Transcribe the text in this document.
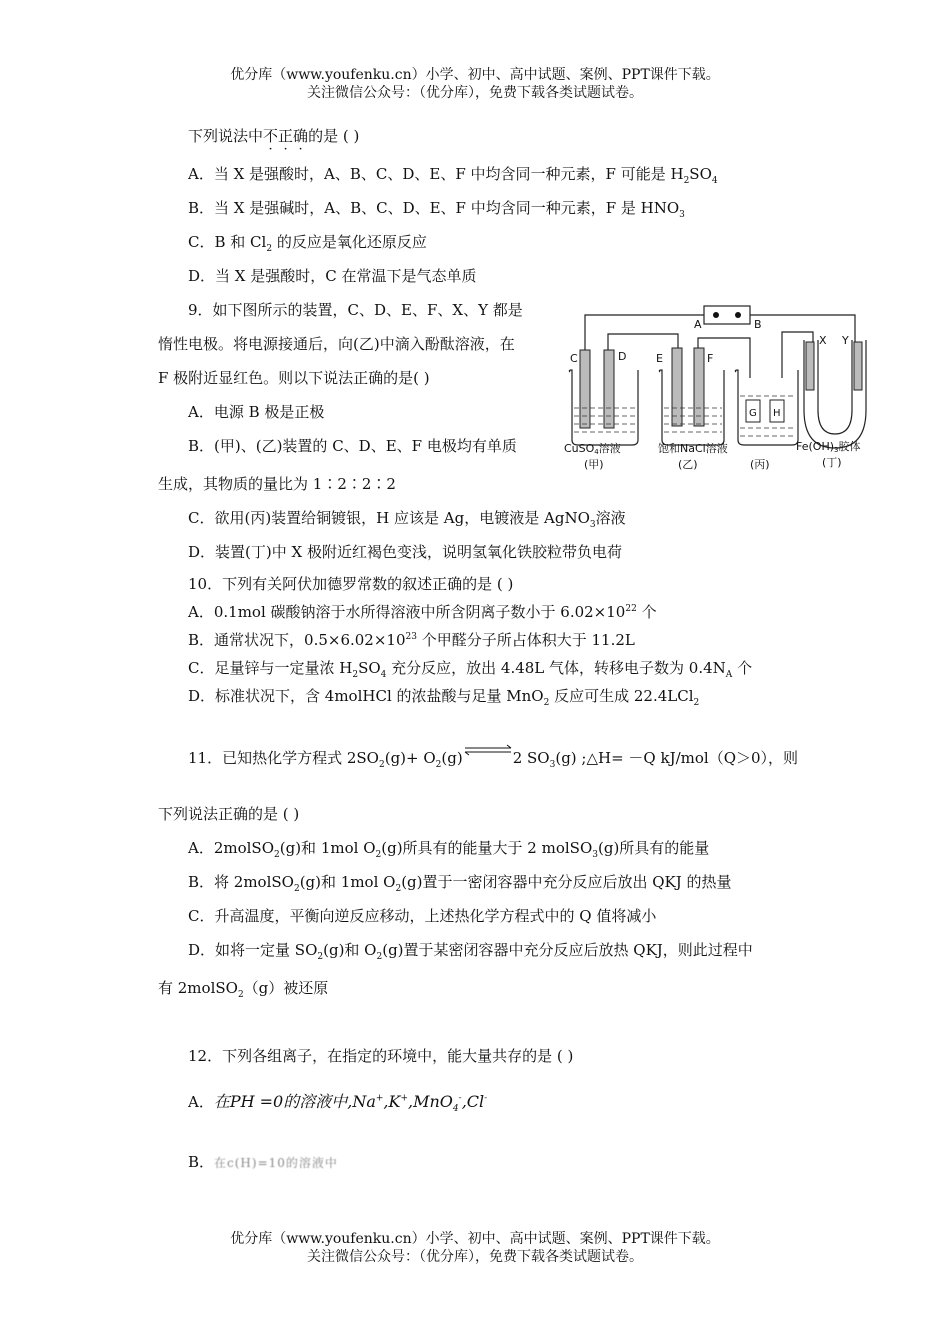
优分库（www.youfenku.cn）小学、初中、高中试题、案例、PPT课件下载。
关注微信公众号：（优分库），免费下载各类试题试卷。
下列说法中不正确的是 ( )
A．当 X 是强酸时，A、B、C、D、E、F 中均含同一种元素，F 可能是 $H_2SO_4$
B．当 X 是强碱时，A、B、C、D、E、F 中均含同一种元素，F 是 $HNO_3$
C．B 和 $Cl_2$ 的反应是氧化还原反应
D．当 X 是强酸时，C 在常温下是气态单质
9．如下图所示的装置，C、D、E、F、X、Y 都是
惰性电极。将电源接通后，向(乙)中滴入酚酞溶液，在
F 极附近显红色。则以下说法正确的是( )
A．电源 B 极是正极
B．(甲)、(乙)装置的 C、D、E、F 电极均有单质
生成，其物质的量比为 1∶2∶2∶2
C．欲用(丙)装置给铜镀银，H 应该是 Ag，电镀液是 AgNO$_3$溶液
D．装置(丁)中 X 极附近红褐色变浅，说明氢氧化铁胶粒带负电荷
A	B
C	D	E	F
X Y
G H
CuSO4溶液
(甲)
饱和NaCl溶液
(乙)	(丙)
Fe(OH)3胶体
(丁)
10．下列有关阿伏加德罗常数的叙述正确的是 ( )
A．0.1mol 碳酸钠溶于水所得溶液中所含阴离子数小于 $6.02\times 10^{22}$ 个
B．通常状况下，$0.5\times 6.02\times 10^{23}$ 个甲醛分子所占体积大于 11.2L
C．足量锌与一定量浓 $H_2SO_4$ 充分反应，放出 4.48L 气体，转移电子数为 $0.4N_A$ 个
D．标准状况下，含 4molHCl 的浓盐酸与足量 MnO$_2$ 反应可生成 22.4LCl$_2$
11．已知热化学方程式 $2SO_2(g)+$ $O_2(g)\rightleftharpoons 2$ $SO_3(g)$ ;△H= －Q kJ/mol（Q＞0），则
下列说法正确的是 ( )
A．2molSO$_2$(g)和 1mol $O_2(g)$所具有的能量大于 2 molSO$_3$(g)所具有的能量
B．将 2molSO$_2$(g)和 1mol $O_2(g)$置于一密闭容器中充分反应后放出 QKJ 的热量
C．升高温度，平衡向逆反应移动，上述热化学方程式中的 Q 值将减小
D．如将一定量 $SO_2(g)$和 $O_2(g)$置于某密闭容器中充分反应后放热 QKJ，则此过程中
有 2molSO$_2$（g）被还原
12．下列各组离子，在指定的环境中，能大量共存的是 ( )
A．在PH =0的溶液中,Na+,K+,MnO$_4$-,Cl-
B．在c(H)=10的溶液中
优分库（www.youfenku.cn）小学、初中、高中试题、案例、PPT课件下载。
关注微信公众号：（优分库），免费下载各类试题试卷。
